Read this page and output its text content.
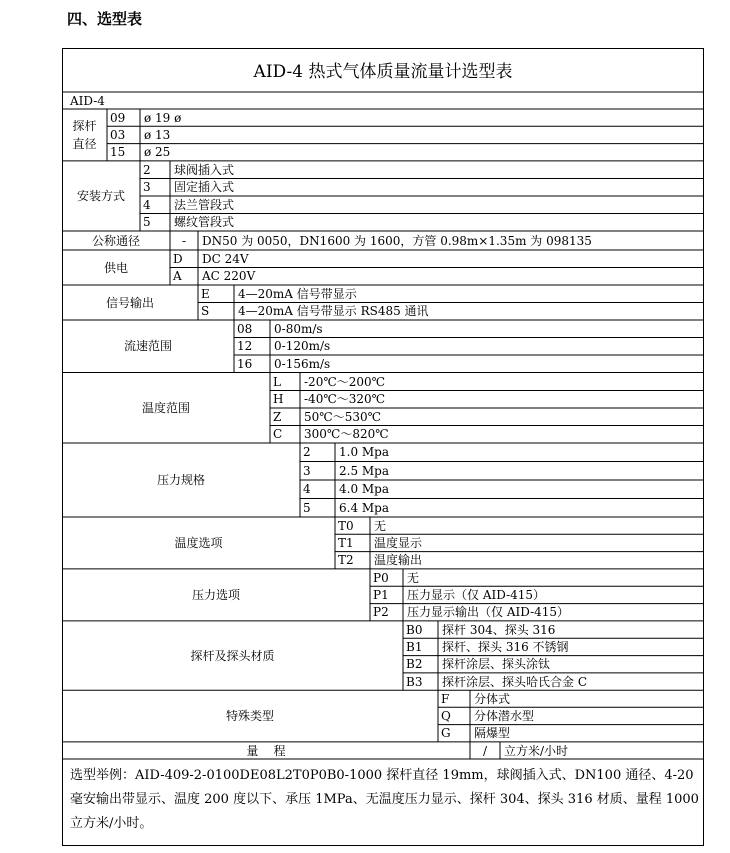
四、选型表
AID-4 热式气体质量流量计选型表
AID-4
探杆
直径
09	ø 19 ø
03	ø 13
15	ø 25
安装方式
2	球阀插入式
3	固定插入式
4	法兰管段式
5	螺纹管段式
供电
D	DC 24V
A	AC 220V
信号输出
E	4—20mA 信号带显示
S	4—20mA 信号带显示 RS485 通讯
流速范围
08	0-80m/s
12	0-120m/s
16	0-156m/s
温度范围
L	-20℃～200℃
H	-40℃～320℃
Z	50℃～530℃
C	300℃～820℃
压力规格
2	1.0 Mpa
3	2.5 Mpa
4	4.0 Mpa
5	6.4 Mpa
温度选项
T0	无
T1	温度显示
T2	温度输出
压力选项
P0	无
P1	压力显示（仅 AID-415）
P2	压力显示输出（仅 AID-415）
探杆及探头材质
B0	探杆 304、探头 316
B1	探杆、探头 316 不锈钢
B2	探杆涂层、探头涂钛
B3	探杆涂层、探头哈氏合金 C
特殊类型
F	分体式
Q	分体潜水型
G	隔爆型
公称通径	-	DN50 为 0050，DN1600 为 1600，方管 0.98m×1.35m 为 098135
量    程	/	立方米/小时
选型举例：AID-409-2-0100DE08L2T0P0B0-1000 探杆直径 19mm，球阀插入式、DN100 通径、4-20 毫安输出带显示、温度 200 度以下、承压 1MPa、无温度压力显示、探杆 304、探头 316 材质、量程 1000 立方米/小时。
